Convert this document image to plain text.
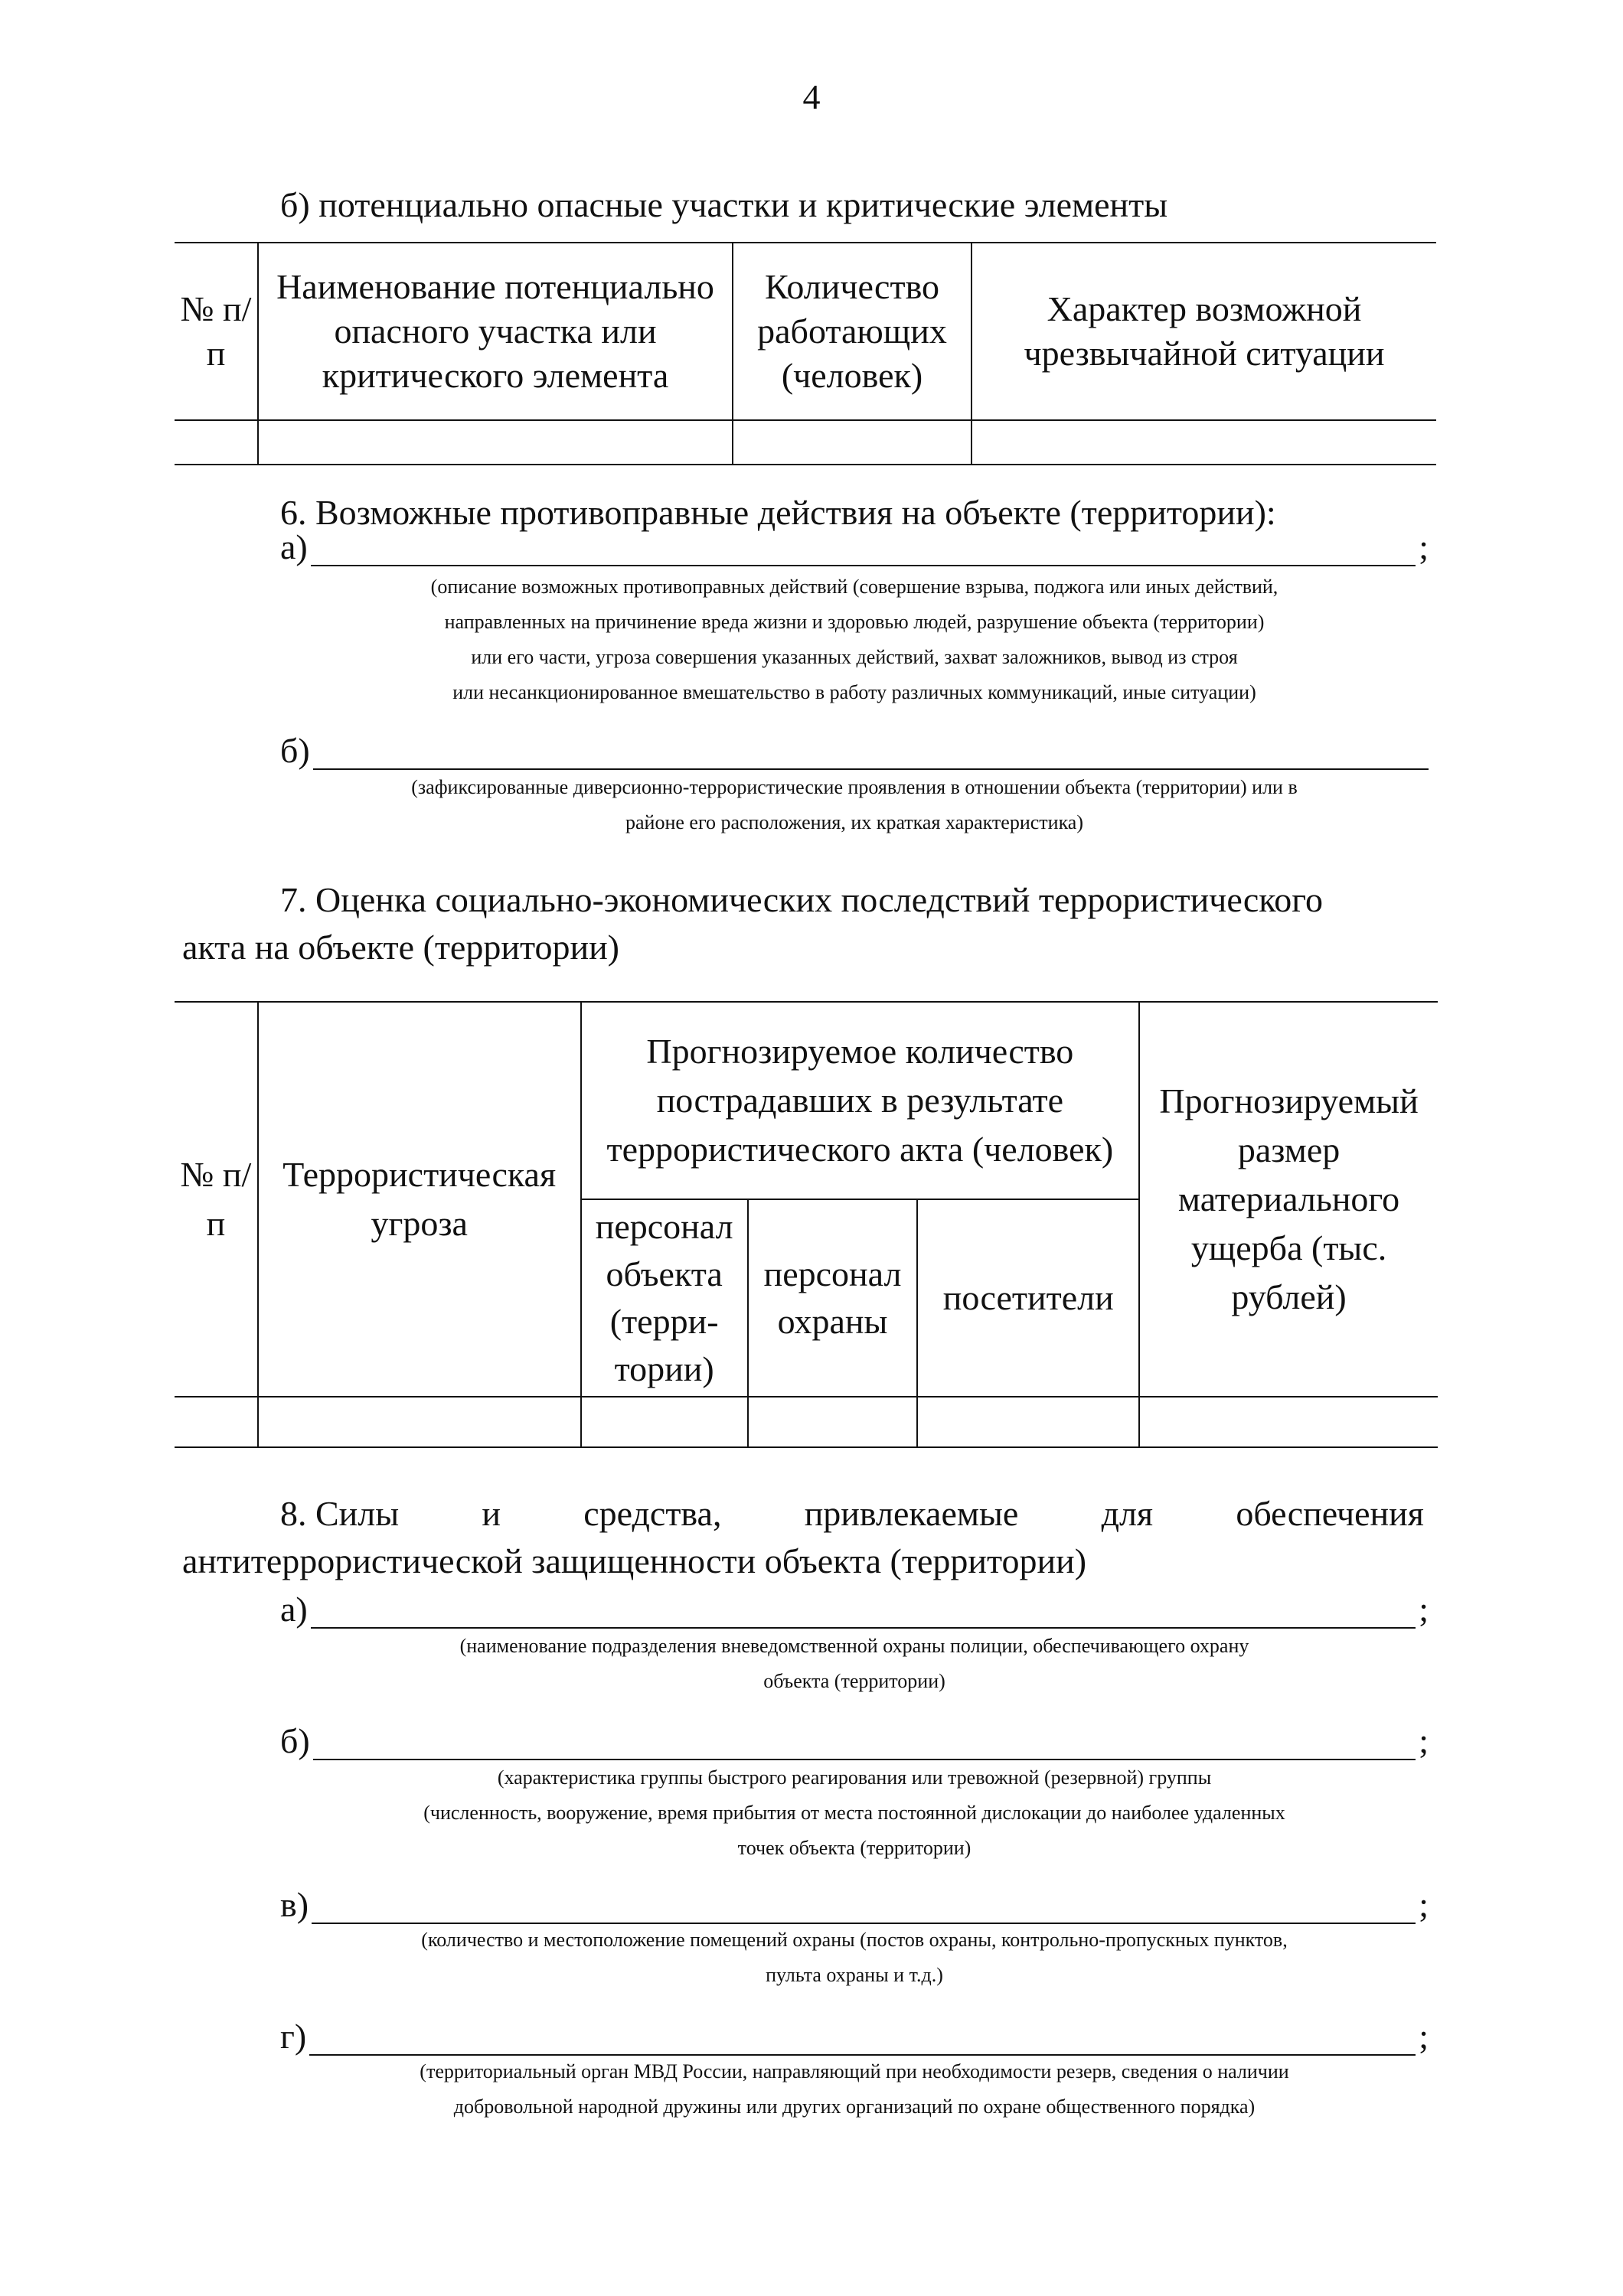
4
б) потенциально опасные участки и критические элементы
№ п/п	Наименование потенциально опасного участка или критического элемента	Количество работающих (человек)	Характер возможной чрезвычайной ситуации

6. Возможные противоправные действия на объекте (территории):
а)	;
(описание возможных противоправных действий (совершение взрыва, поджога или иных действий,
направленных на причинение вреда жизни и здоровью людей, разрушение объекта (территории)
или его части, угроза совершения указанных действий, захват заложников, вывод из строя
или несанкционированное вмешательство в работу различных коммуникаций, иные ситуации)
б)
(зафиксированные диверсионно-террористические проявления в отношении объекта (территории) или в
районе его расположения, их краткая характеристика)
7. Оценка социально-экономических последствий террористического
акта на объекте (территории)
№ п/п	Террористическая угроза	Прогнозируемое количество пострадавших в результате террористического акта (человек)			Прогнозируемый размер материального ущерба (тыс. рублей)
		персонал объекта (терри-тории)	персонал охраны	посетители	

8. Силы и средства, привлекаемые для обеспечения
антитеррористической защищенности объекта (территории)
а)	;
(наименование подразделения вневедомственной охраны полиции, обеспечивающего охрану
объекта (территории)
б)	;
(характеристика группы быстрого реагирования или тревожной (резервной) группы
(численность, вооружение, время прибытия от места постоянной дислокации до наиболее удаленных
точек объекта (территории)
в)	;
(количество и местоположение помещений охраны (постов охраны, контрольно-пропускных пунктов,
пульта охраны и т.д.)
г)	;
(территориальный орган МВД России, направляющий при необходимости резерв, сведения о наличии
добровольной народной дружины или других организаций по охране общественного порядка)
